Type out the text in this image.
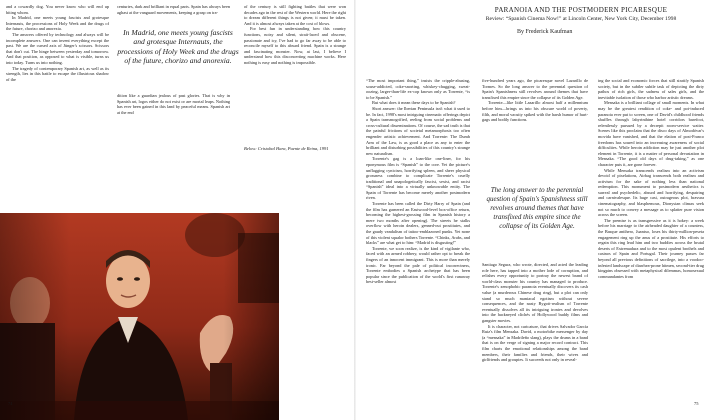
and a cowardly dog. You never know who will end up biting whom.

In Madrid, one meets young fascists and grotesque Internauts, the processions of Holy Week and the drugs of the future, chorizo and anorexia.

The answers offered by technology and always will be incomplete answers. One can invent everything except the past. We are the cursed axis of Jünger's scissors. Scissors that don't cut. The hinge between yesterday and tomorrow. And that position, as opposed to what is visible, turns us into today. Turns us into nothing.

The tragedy of contemporary Spanish art, as well as its strength, lies in this battle to escape the illustrious shadow of the

centuries, dark and brilliant in equal parts. Spain has always been aghast at the vanguard movements, keeping a grasp on tra-

In Madrid, one meets young fascists and grotesque Internauts, the processions of Holy Week and the drugs of the future, chorizo and anorexia.

dition like a guardian jealous of past glories. That is why in Spanish art, logos either do not exist or are mortal leaps. Nothing has ever been gained in this land by peaceful means. Spanish art at the end

of the century is still fighting battles that were won decades ago in the rest of the Western world. Here the right to dream different things is not given; it must be taken. And it is almost always taken at the cost of blows.

For best fun in understanding how this country functions, noisy and silent, strait-laced and obscene, passionate and icy, I've had to go far away to be able to reconcile myself to this absurd friend. Spain is a strange and fascinating monster. Now, at last, I believe I understand how this disconcerting machine works. Here nothing is easy and nothing is impossible.

Below: Cristobal Hara, Puente de Reina, 1991
74
PARANOIA AND THE POSTMODERN PICARESQUE
Review: “Spanish Cinema Now!” at Lincoln Center, New York City, December 1998
By Frederick Kaufman

“The most important thing,” insists the cripple-abusing, souse-addicted, coke-snorting, whiskey-chugging, sweat-oozing, larger-than-life ex-cop known only as Torrente, “is to be Spanish.”

But what does it mean these days to be Spanish?

Short answer: the Iberian Peninsula isn't what it used to be. In fact, 1998's most intriguing cinematic offerings depict a Spain transmogrified, reeling from social problems and cross-cultural disseminations. Of course, the sad truth is that the painful frictions of societal metamorphosis too often engender artistic achievement. And Torrente: The Dumb Arm of the Law, is as good a place as any to enter the brilliant and disturbing possibilities of this country's strange new naturalism.

Torrente's gag is a loan-like one-liner, for his eponymous film is “Spanish” to the core. Yet the picture's unflagging cynicism, horrifying spleen, and sheer physical grossness combine to complicate Torrente's cruelly traditional and unapologetically fascist, sexist, and racist “Spanish” ideal into a virtually unknowable entity. The Spain of Torrente has become merely another postmodern riven.

Torrente has been called the Dirty Harry of Spain (and the film has garnered an Eastwood-level box-office return, becoming the highest-grossing film in Spanish history a mere two months after opening). The streets he stalks overflow with heroin dealers, genned-out prostitutes, and the gaudy vandalism of tattoo-emblazoned punks. Yet none of this violent squalor bothers Torrente. “Chinks, Arabs, and blacks” are what get to him: “Madrid is disgusting!”

Torrente, we soon realize, is the kind of vigilante who, faced with an armed robbery, would rather opt to break the fingers of an innocent immigrant. This is more than merely ironic. Far beyond the pale of political incorrectness, Torrente embodies a Spanish archetype that has been popular since the publication of the world's first runaway best-seller almost

five-hundred years ago, the picaresque novel Lazarillo de Tormes. So the long answer to the perennial question of Spain's Spanishness still revolves around themes that have transfixed this empire since the collapse of its Golden Age.

Torrente—like little Lazarillo almost half a millennium before him—brings us into his obscure world of poverty, filth, and moral vacuity spiked with the harsh humor of hurt-gags and bodily functions.

The long answer to the perennial question of Spain's Spanishness still revolves around themes that have transfixed this empire since the collapse of its Golden Age.

Santiago Segura, who wrote, directed, and acted the leading role here, has tapped into a mother lode of corruption, and relishes every opportunity to portray the newest brand of world-class monster his country has managed to produce. Torrente's xenophobic paranoia eventually discovers its cash value (a murderous Chinese drug ring), but a plot can only stand so much maniacal egotism without severe consequences, and the nasty Bygott-realism of Torrente eventually dissolves all its intriguing ironies and devolves into the hackneyed clichés of Hollywood buddy films and gangster movies.

It is character, not caricature, that drives Salvador García Ruiz's film Mensaka. David, a motorbike messenger by day (a “mensaka” in Madrileño slang), plays the drums in a band that is on the verge of signing a major record contract. This film charts the emotional relationships among the band members, their families and friends, their wives and girlfriends and groupies. It succeeds not only in reveal-

ing the social and economic forces that still stratify Spanish society, but in the subtler subtle task of depicting the dirty pathos of rich girls, the sadness of sales girls, and the inevitable isolation of those who harbor artistic dreams.

Mensaka is a brilliant collage of small moments. In what may be the greatest rendition of coke- and pot-induced paranoia ever put to screen, one of David's childhood friends shuffles through labyrinthine hotel corridors barefoot, relentlessly pursued by a decrepit room-service waiter. Scenes like this proclaim that the disco days of Almodóvar's movida have vanished, and that the elation of post-Franco freedoms has soured into an increasing awareness of social difficulties. While heroin addiction may be just another plot element in Torrente, it is a matter of personal devastation in Mensaka. “The good old days of drug-taking,” as one character puts it, are gone forever.

While Mensaka transcends realism into an activism devoid of pixelations, Airbag transcends both realism and activism for the sake of nothing less than national redemption. This monument to postmodern aesthetics is surreal and psychedelic, absurd and horrifying, despairing and carnivalesque. Its huge cast, outrageous plot, bravura cinematography, and blasphemous, Dionysian climax seek not so much to convey a message as to splatter pure vision across the screen.

The premise is as transgressive as it is hokey: a week before his marriage to the airheaded daughter of a countess, the Basque antihero, Juantxo, loses his thirty-million-peseta engagement ring up the anus of a prostitute. His efforts to regain this ring lead him and two buddies across the brutal deserts of Extremadura and to the most opulent brothels and casinos of Spain and Portugal. Their journey passes far beyond all previous definitions of sacrilege, into a voodoo-infested landscape of diarrhea-prone hitmen, second-tier drug kingpins obsessed with metaphysical dilemmas, homosexual commandantes from

75
